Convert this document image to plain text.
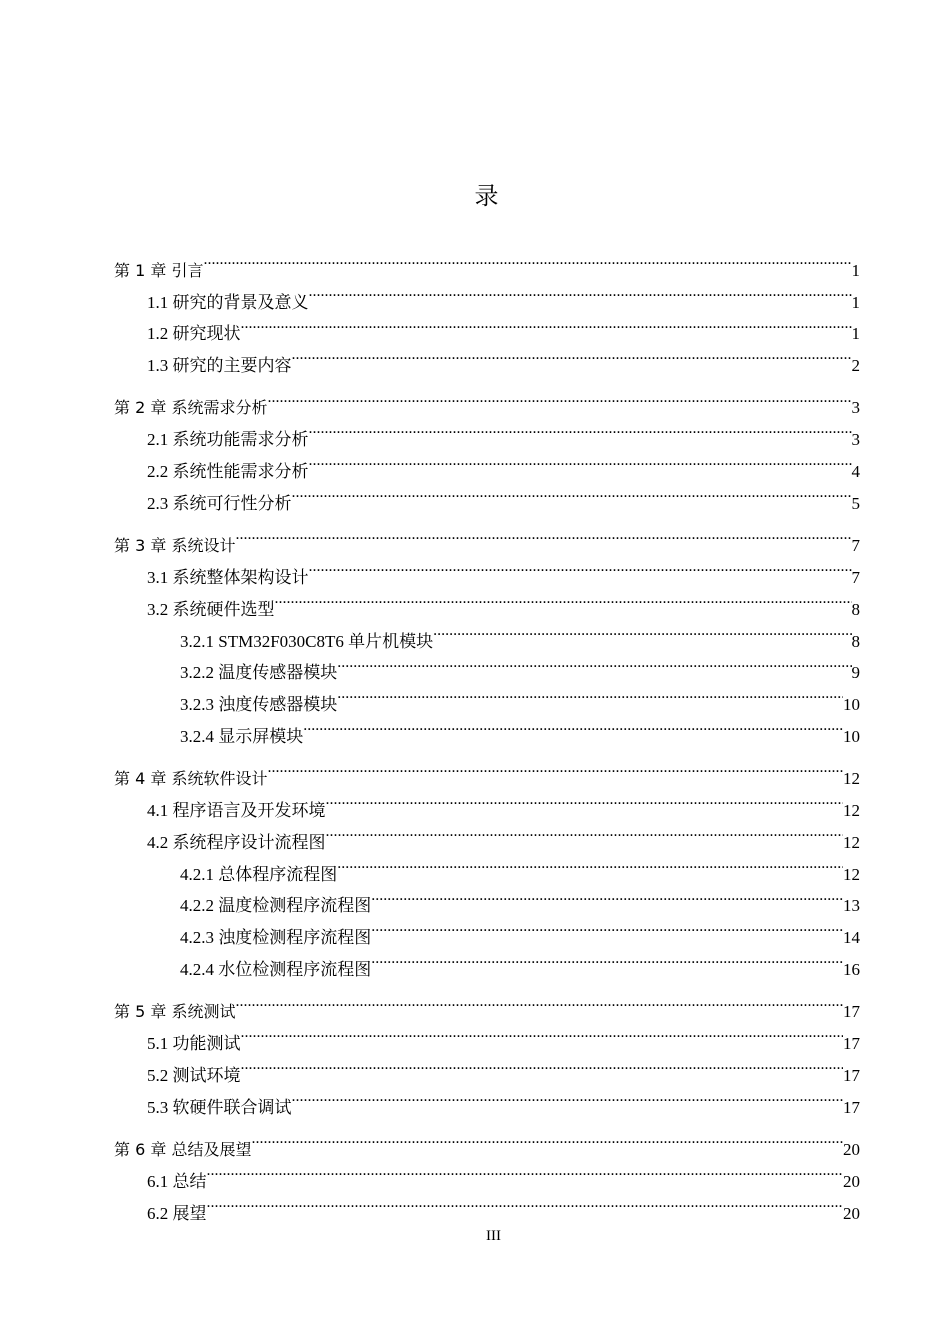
录
第 1 章 引言 .....	1
1.1 研究的背景及意义 .....	1
1.2 研究现状 .....	1
1.3 研究的主要内容 .....	2
第 2 章 系统需求分析 .....	3
2.1 系统功能需求分析 .....	3
2.2 系统性能需求分析 .....	4
2.3 系统可行性分析 .....	5
第 3 章 系统设计 .....	7
3.1 系统整体架构设计 .....	7
3.2 系统硬件选型 .....	8
3.2.1 STM32F030C8T6 单片机模块 .....	8
3.2.2 温度传感器模块 .....	9
3.2.3 浊度传感器模块 .....	10
3.2.4 显示屏模块 .....	10
第 4 章 系统软件设计 .....	12
4.1 程序语言及开发环境 .....	12
4.2 系统程序设计流程图 .....	12
4.2.1 总体程序流程图 .....	12
4.2.2 温度检测程序流程图 .....	13
4.2.3 浊度检测程序流程图 .....	14
4.2.4 水位检测程序流程图 .....	16
第 5 章 系统测试 .....	17
5.1 功能测试 .....	17
5.2 测试环境 .....	17
5.3 软硬件联合调试 .....	17
第 6 章 总结及展望 .....	20
6.1 总结 .....	20
6.2 展望 .....	20
III
